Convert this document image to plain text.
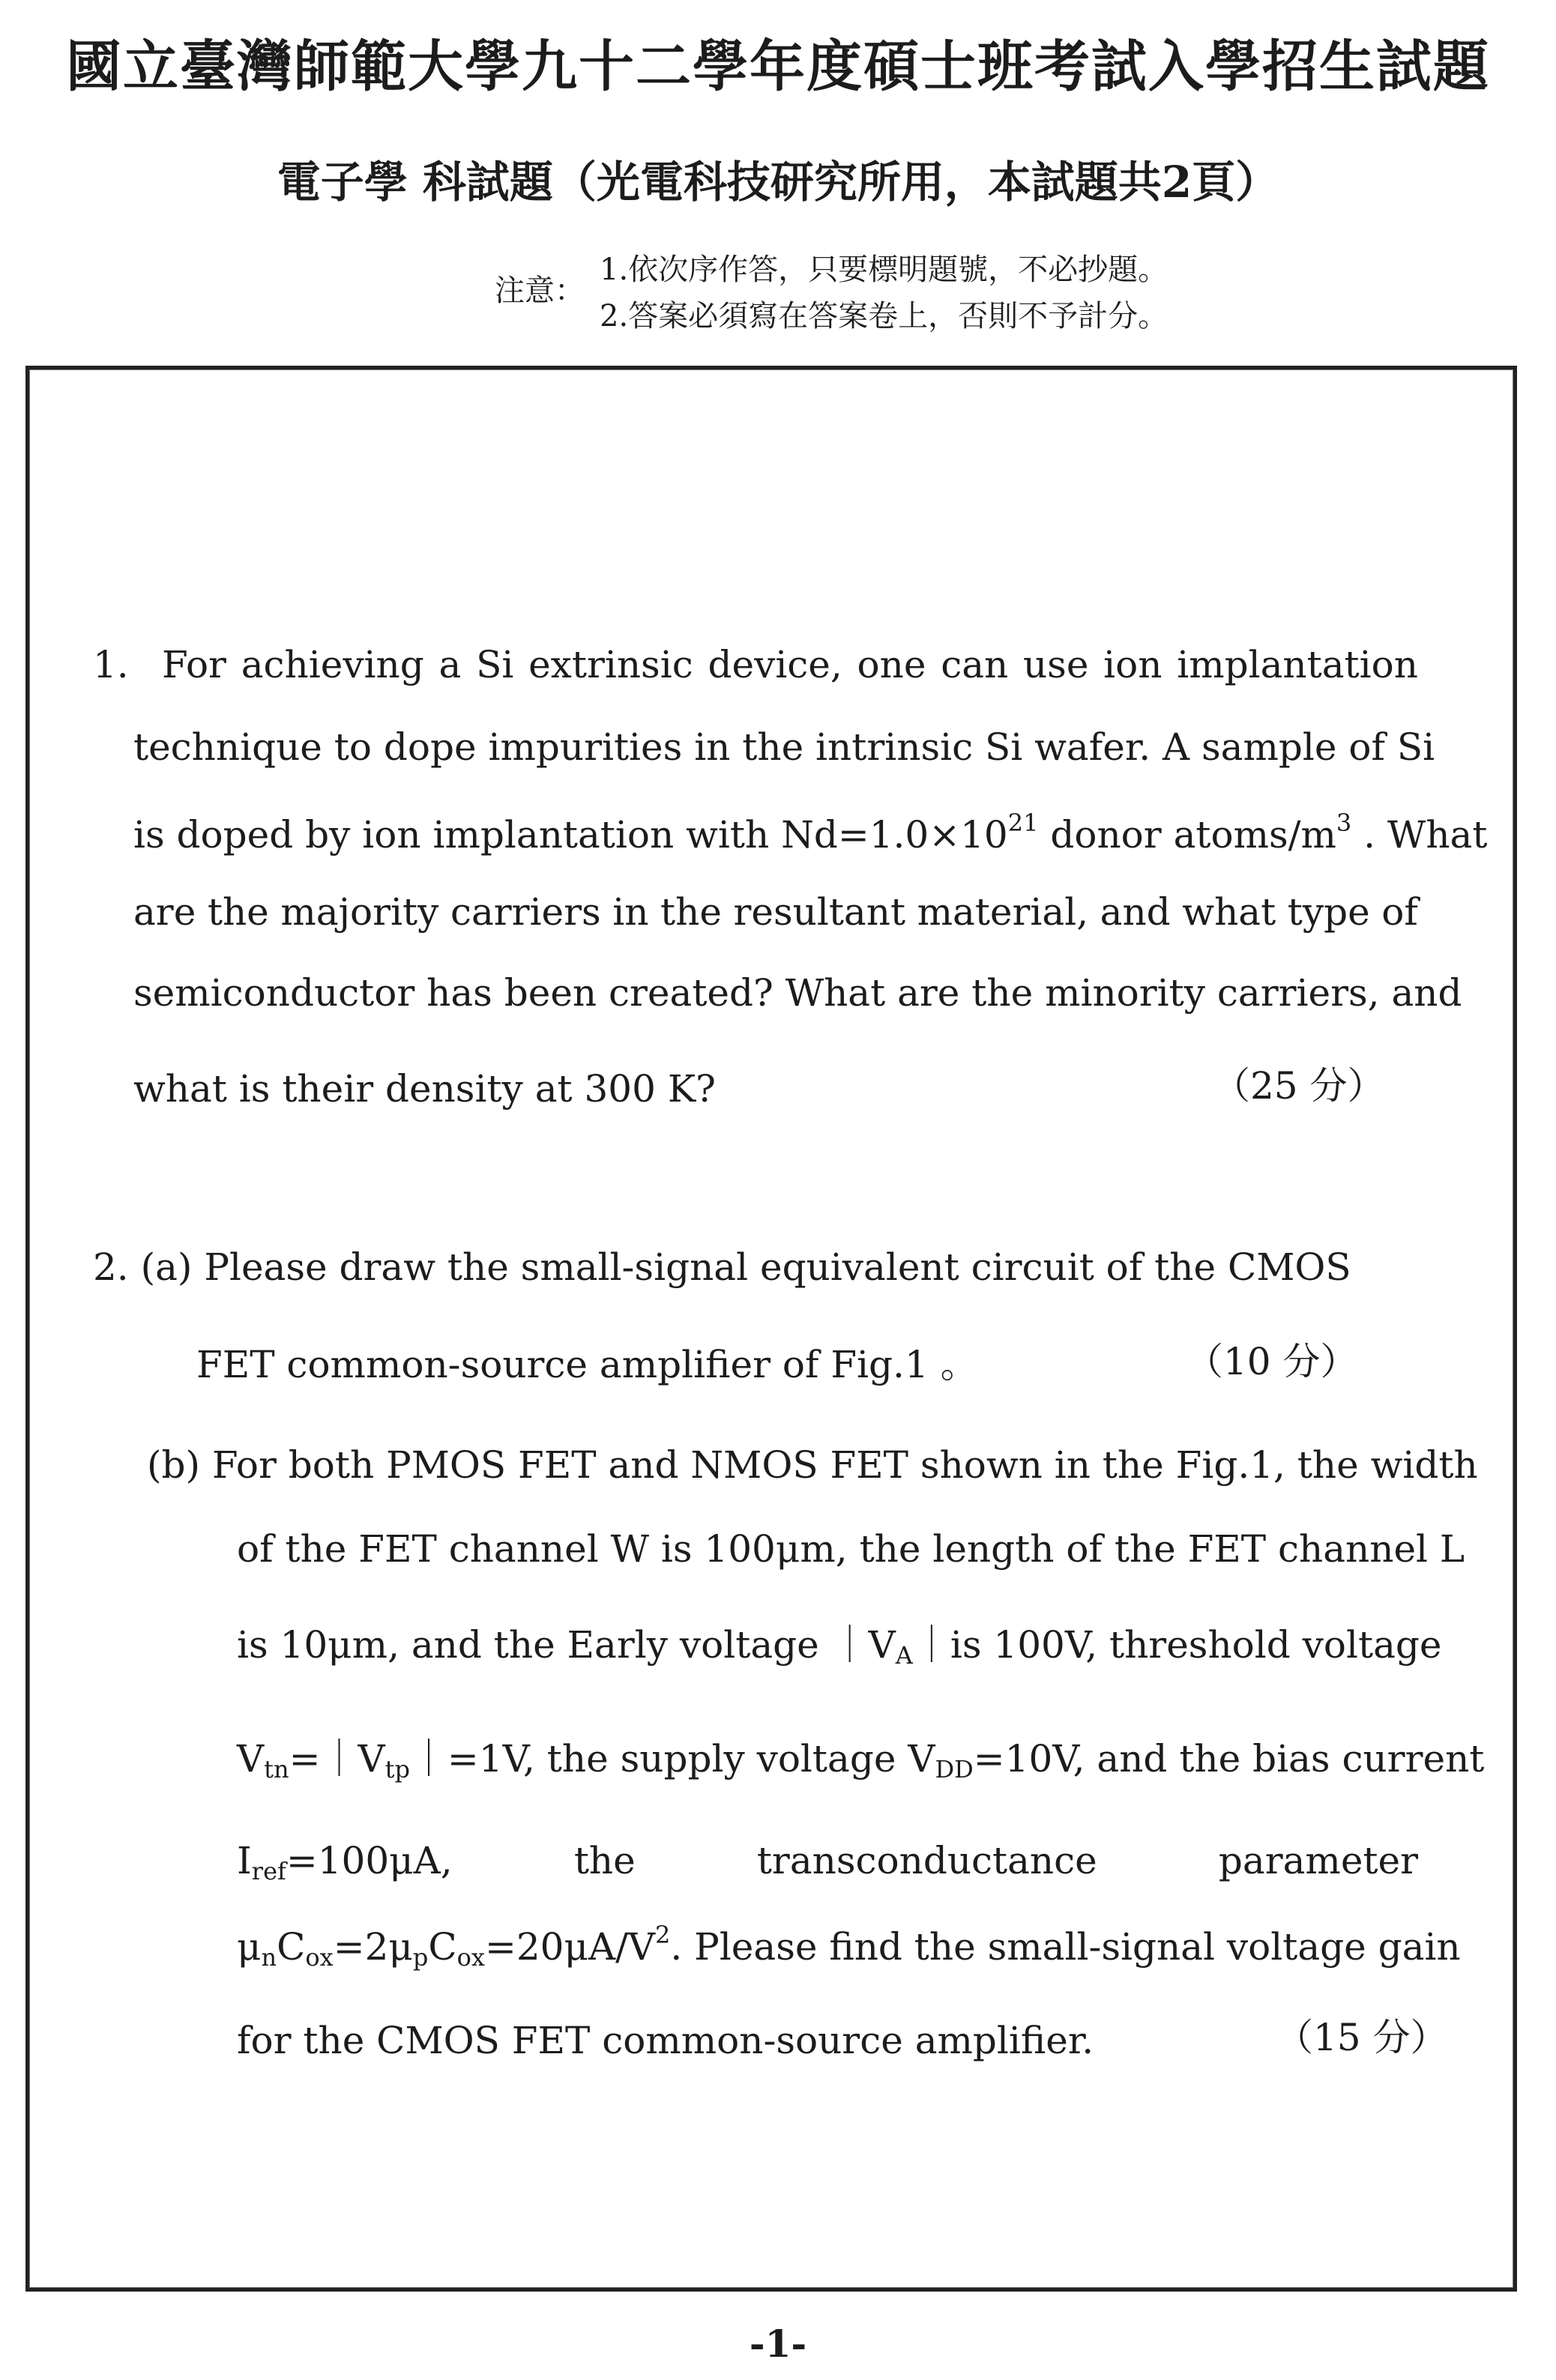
國立臺灣師範大學九十二學年度碩士班考試入學招生試題
電子學 科試題（光電科技研究所用，本試題共2頁）
注意：
1.依次序作答，只要標明題號，不必抄題。
2.答案必須寫在答案卷上，否則不予計分。
1. For achieving a Si extrinsic device, one can use ion implantation
technique to dope impurities in the intrinsic Si wafer. A sample of Si
is doped by ion implantation with $Nd=1.0\times 10^{21}$ donor atoms/$m^3$ . What
are the majority carriers in the resultant material, and what type of
semiconductor has been created? What are the minority carriers, and
what is their density at 300 K?	（25 分）
2. (a) Please draw the small-signal equivalent circuit of the CMOS
FET common-source amplifier of Fig.1 。	（10 分）
(b) For both PMOS FET and NMOS FET shown in the Fig.1, the width
of the FET channel W is 100μm, the length of the FET channel L
is 10μm, and the Early voltage $|V_A|is$ 100V, threshold voltage
$V_{tn}=|V_{tp}|=1V$, the supply voltage $V_{DD}=10V$, and the bias current
$I_{ref}=100\mu A$,	the	transconductance	parameter
$\mu_nC_{ox}=2\mu_pC_{ox}=20\mu A/V^2$. Please find the small-signal voltage gain
for the CMOS FET common-source amplifier.	（15 分）
-1-
